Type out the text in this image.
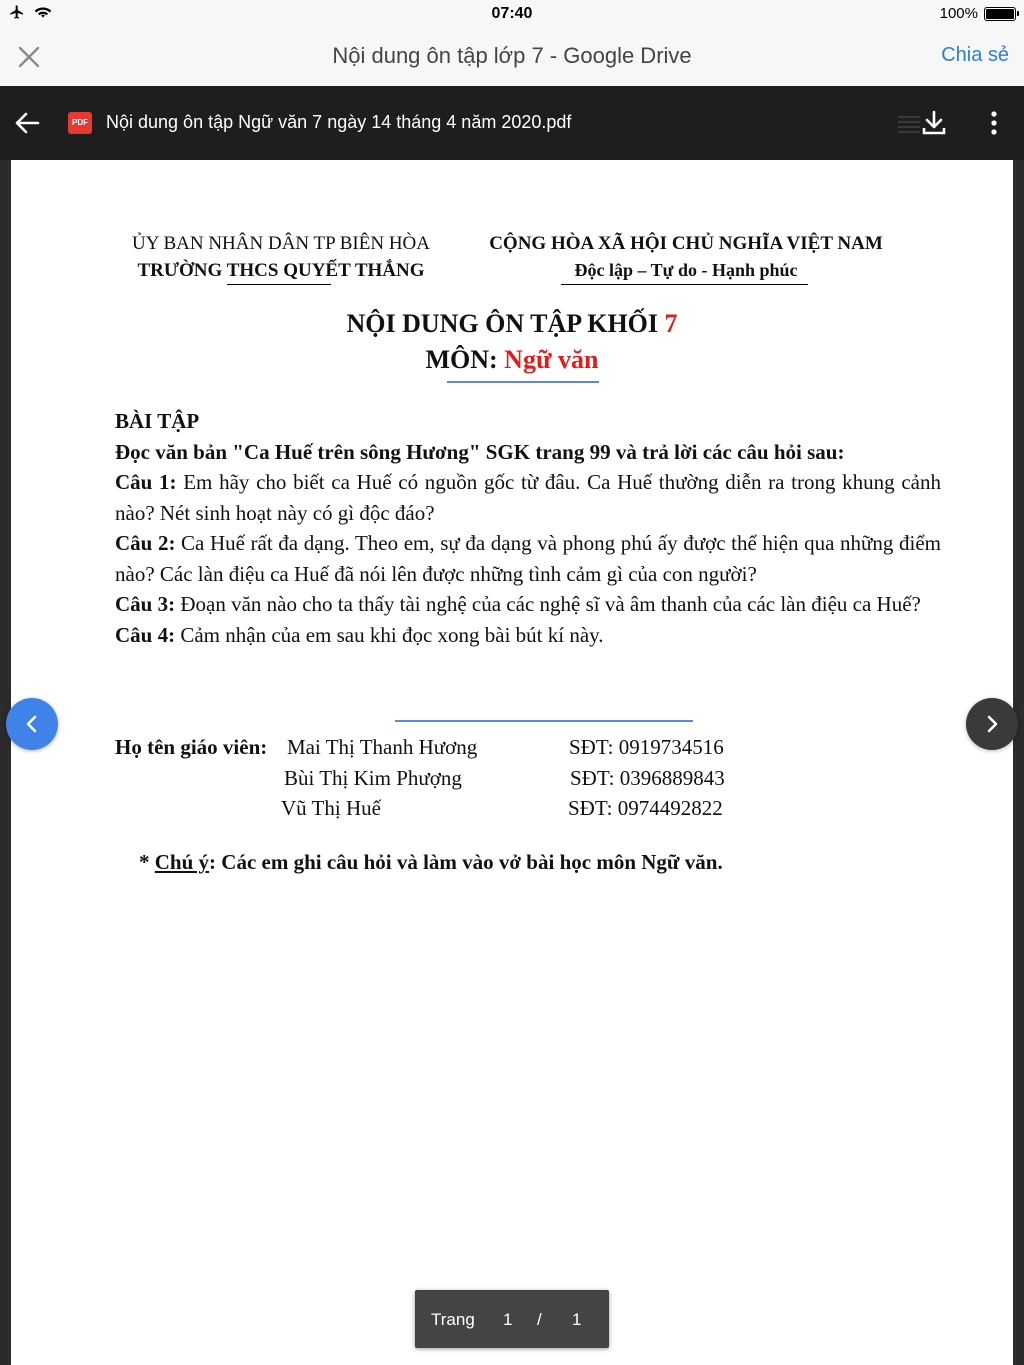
07:40	100%
Nội dung ôn tập lớp 7 - Google Drive	Chia sẻ
PDF Nội dung ôn tập Ngữ văn 7 ngày 14 tháng 4 năm 2020.pdf
ỦY BAN NHÂN DÂN TP BIÊN HÒA
TRƯỜNG THCS QUYẾT THẮNG
CỘNG HÒA XÃ HỘI CHỦ NGHĨA VIỆT NAM
Độc lập – Tự do - Hạnh phúc
NỘI DUNG ÔN TẬP KHỐI 7
MÔN: Ngữ văn

BÀI TẬP

Đọc văn bản "Ca Huế trên sông Hương" SGK trang 99 và trả lời các câu hỏi sau:

Câu 1: Em hãy cho biết ca Huế có nguồn gốc từ đâu. Ca Huế thường diễn ra trong khung cảnh nào? Nét sinh hoạt này có gì độc đáo?

Câu 2: Ca Huế rất đa dạng. Theo em, sự đa dạng và phong phú ấy được thể hiện qua những điểm nào? Các làn điệu ca Huế đã nói lên được những tình cảm gì của con người?

Câu 3: Đoạn văn nào cho ta thấy tài nghệ của các nghệ sĩ và âm thanh của các làn điệu ca Huế?

Câu 4: Cảm nhận của em sau khi đọc xong bài bút kí này.

Họ tên giáo viên: Mai Thị Thanh Hương	SĐT: 0919734516
Bùi Thị Kim Phượng	SĐT: 0396889843
Vũ Thị Huế	SĐT: 0974492822
* Chú ý: Các em ghi câu hỏi và làm vào vở bài học môn Ngữ văn.
Trang 1 / 1
